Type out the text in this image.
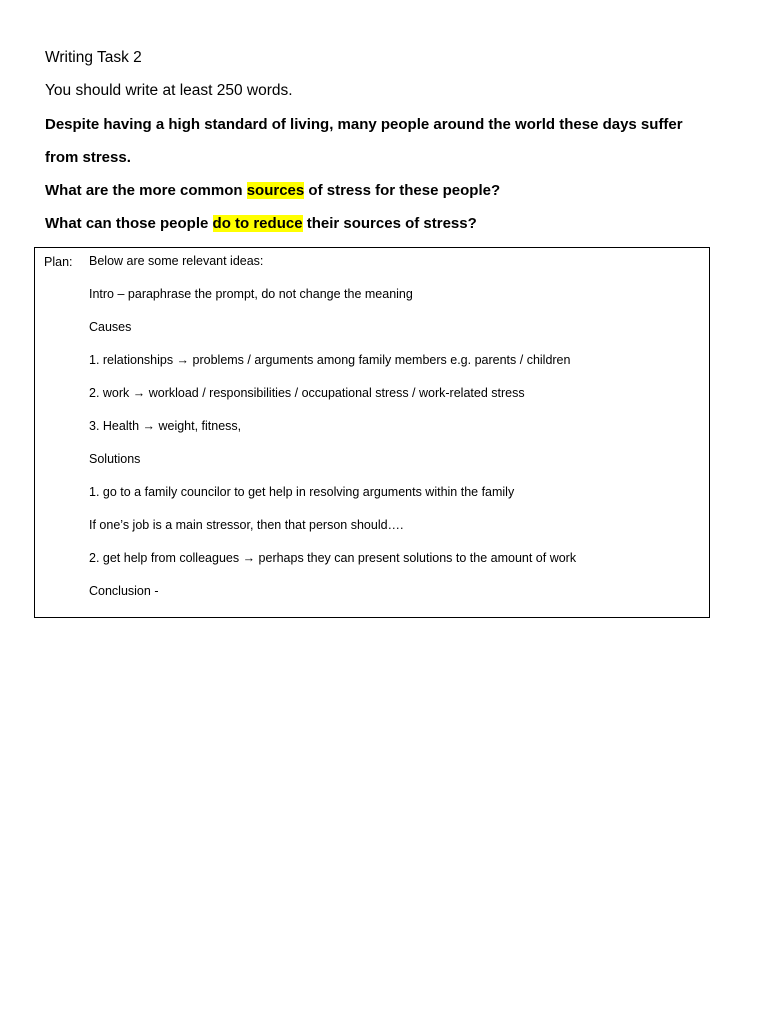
Writing Task 2
You should write at least 250 words.
Despite having a high standard of living, many people around the world these days suffer
from stress.
What are the more common sources of stress for these people?
What can those people do to reduce their sources of stress?
Plan: Below are some relevant ideas:
Intro – paraphrase the prompt, do not change the meaning
Causes
1. relationships → problems / arguments among family members e.g. parents / children
2. work → workload / responsibilities / occupational stress / work-related stress
3. Health → weight, fitness,
Solutions
1. go to a family councilor to get help in resolving arguments within the family
If one’s job is a main stressor, then that person should….
2. get help from colleagues → perhaps they can present solutions to the amount of work
Conclusion -
